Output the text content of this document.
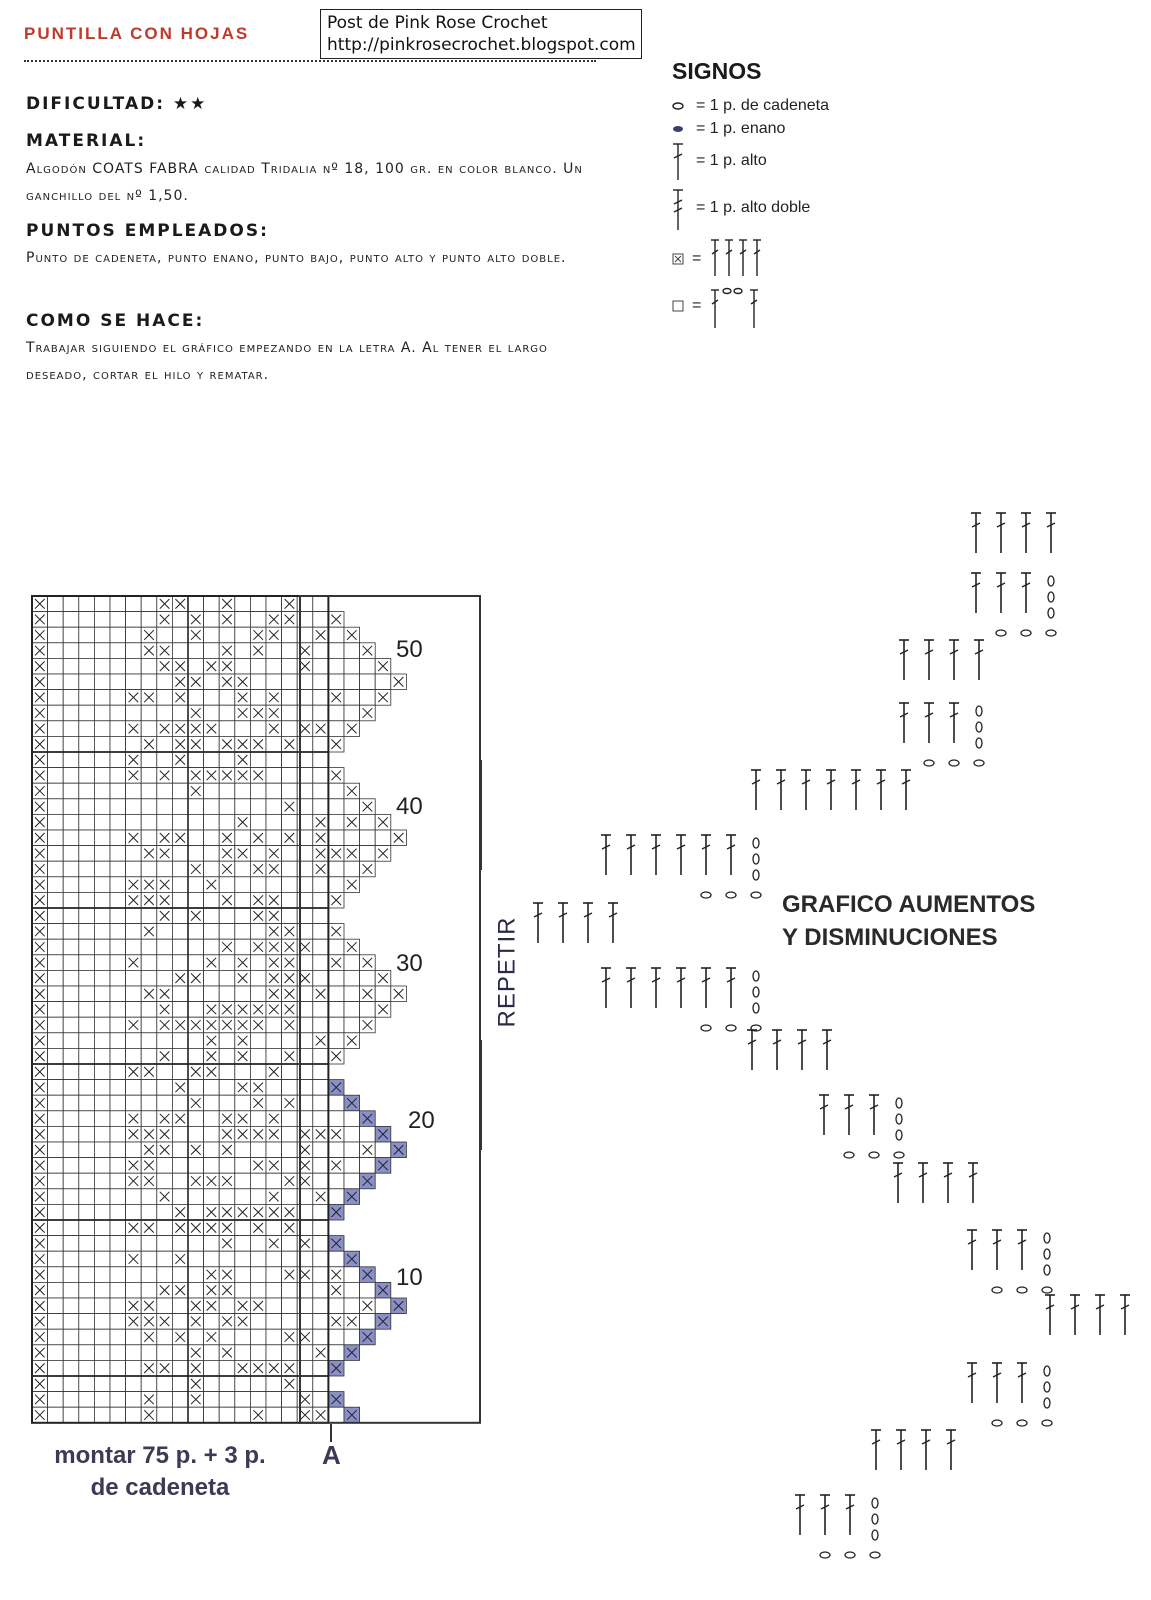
PUNTILLA CON HOJAS
Post de Pink Rose Crochet
http://pinkrosecrochet.blogspot.com
DIFICULTAD: ★★
MATERIAL:
Algodón COATS FABRA calidad Tridalia nº 18, 100 gr. en color blanco. Un ganchillo del nº 1,50.
PUNTOS EMPLEADOS:
Punto de cadeneta, punto enano, punto bajo, punto alto y punto alto doble.
COMO SE HACE:
Trabajar siguiendo el gráfico empezando en la letra A. Al tener el largo deseado, cortar el hilo y rematar.
SIGNOS
= 1 p. de cadeneta
= 1 p. enano
= 1 p. alto
= 1 p. alto doble
=
=
50
40
30
20
10
REPETIR
montar 75 p. + 3 p.
de cadeneta
A
GRAFICO AUMENTOS
Y DISMINUCIONES
